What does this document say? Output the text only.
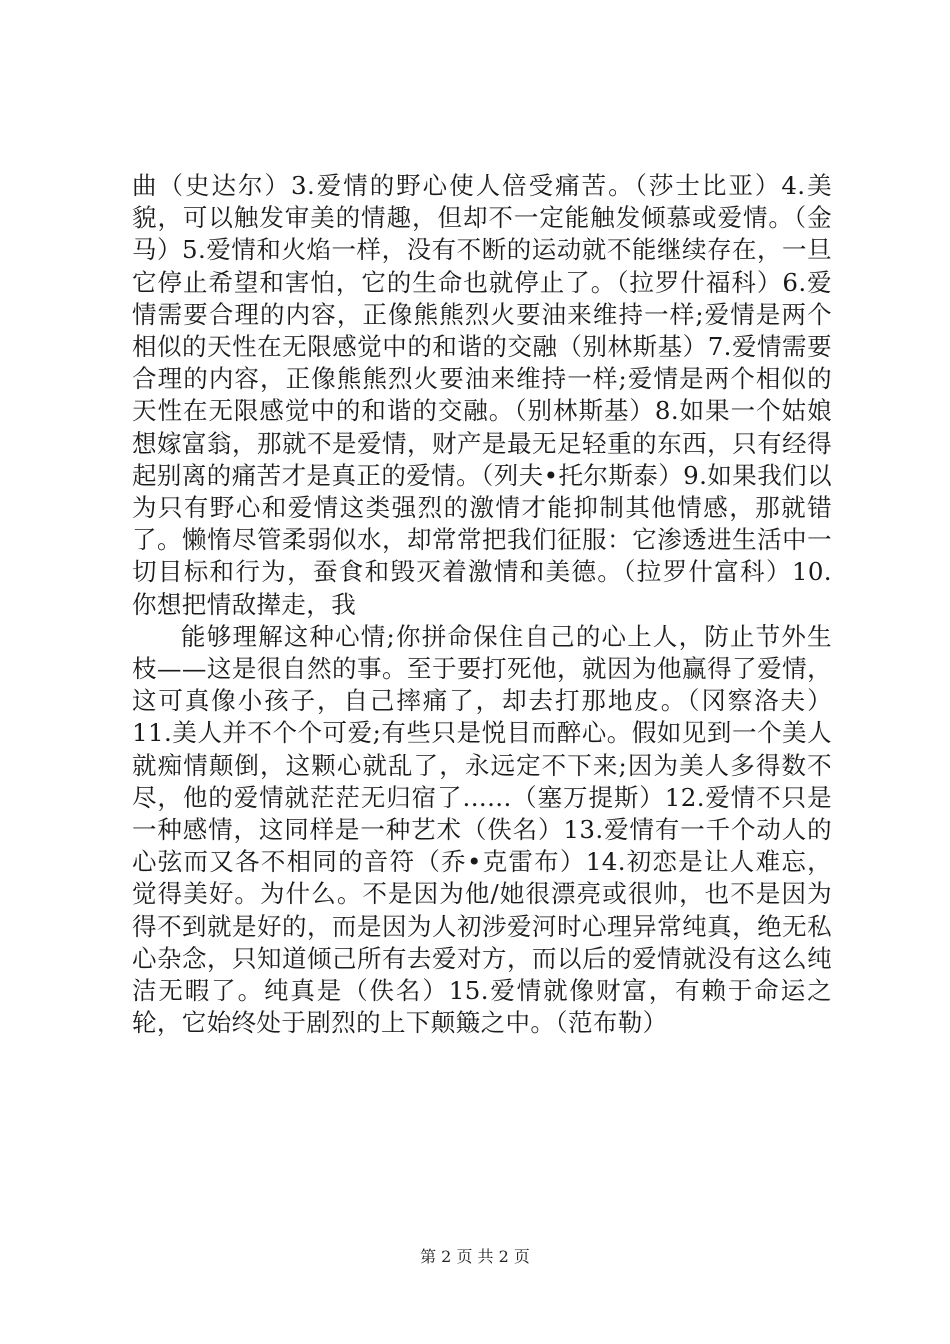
曲（史达尔）3.爱情的野心使人倍受痛苦。（莎士比亚）4.美貌，可以触发审美的情趣，但却不一定能触发倾慕或爱情。（金马）5.爱情和火焰一样，没有不断的运动就不能继续存在，一旦它停止希望和害怕，它的生命也就停止了。（拉罗什福科）6.爱情需要合理的内容，正像熊熊烈火要油来维持一样;爱情是两个相似的天性在无限感觉中的和谐的交融（别林斯基）7.爱情需要合理的内容，正像熊熊烈火要油来维持一样;爱情是两个相似的天性在无限感觉中的和谐的交融。（别林斯基）8.如果一个姑娘想嫁富翁，那就不是爱情，财产是最无足轻重的东西，只有经得起别离的痛苦才是真正的爱情。（列夫•托尔斯泰）9.如果我们以为只有野心和爱情这类强烈的激情才能抑制其他情感，那就错了。懒惰尽管柔弱似水，却常常把我们征服：它渗透进生活中一切目标和行为，蚕食和毁灭着激情和美德。（拉罗什富科）10.你想把情敌撵走，我

能够理解这种心情;你拼命保住自己的心上人，防止节外生枝——这是很自然的事。至于要打死他，就因为他赢得了爱情，这可真像小孩子，自己摔痛了，却去打那地皮。（冈察洛夫）11.美人并不个个可爱;有些只是悦目而醉心。假如见到一个美人就痴情颠倒，这颗心就乱了，永远定不下来;因为美人多得数不尽，他的爱情就茫茫无归宿了......（塞万提斯）12.爱情不只是一种感情，这同样是一种艺术（佚名）13.爱情有一千个动人的心弦而又各不相同的音符（乔•克雷布）14.初恋是让人难忘，觉得美好。为什么。不是因为他/她很漂亮或很帅，也不是因为得不到就是好的，而是因为人初涉爱河时心理异常纯真，绝无私心杂念，只知道倾己所有去爱对方，而以后的爱情就没有这么纯洁无暇了。纯真是（佚名）15.爱情就像财富，有赖于命运之轮，它始终处于剧烈的上下颠簸之中。（范布勒）

第 2 页 共 2 页
